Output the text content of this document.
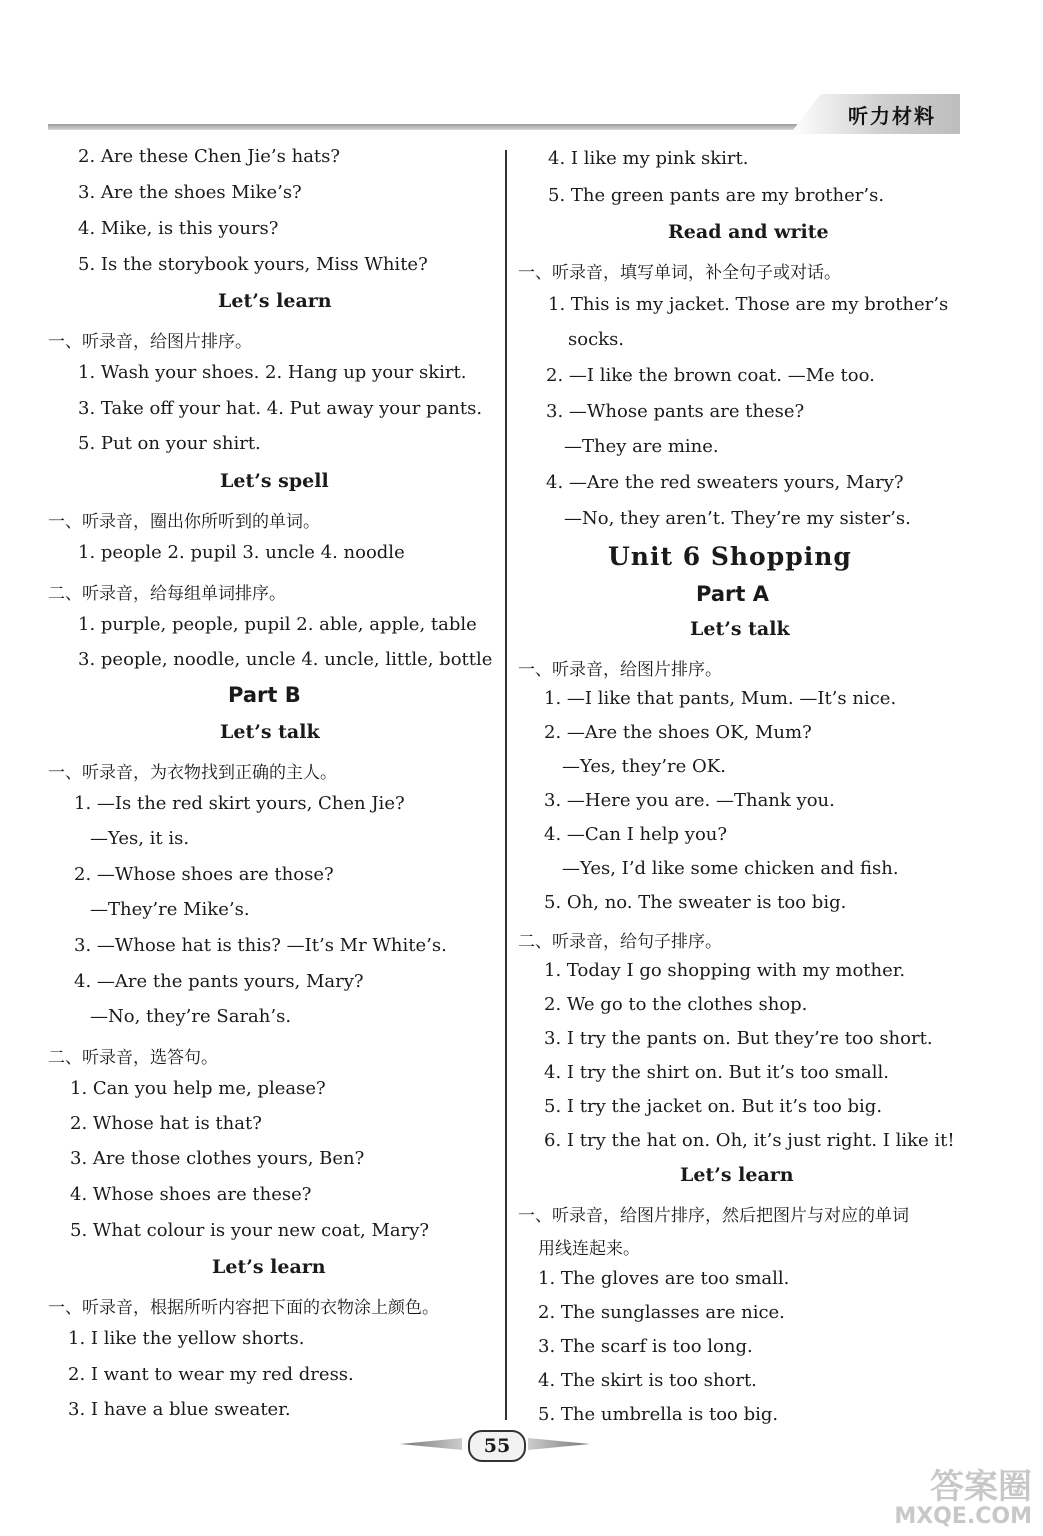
听力材料
2. Are these Chen Jie’s hats?
3. Are the shoes Mike’s?
4. Mike, is this yours?
5. Is the storybook yours, Miss White?
Let’s learn
一、听录音，给图片排序。
1. Wash your shoes. 2. Hang up your skirt.
3. Take off your hat. 4. Put away your pants.
5. Put on your shirt.
Let’s spell
一、听录音，圈出你所听到的单词。
1. people 2. pupil 3. uncle 4. noodle
二、听录音，给每组单词排序。
1. purple, people, pupil 2. able, apple, table
3. people, noodle, uncle 4. uncle, little, bottle
Part B
Let’s talk
一、听录音，为衣物找到正确的主人。
1. —Is the red skirt yours, Chen Jie?
—Yes, it is.
2. —Whose shoes are those?
—They’re Mike’s.
3. —Whose hat is this? —It’s Mr White’s.
4. —Are the pants yours, Mary?
—No, they’re Sarah’s.
二、听录音，选答句。
1. Can you help me, please?
2. Whose hat is that?
3. Are those clothes yours, Ben?
4. Whose shoes are these?
5. What colour is your new coat, Mary?
Let’s learn
一、听录音，根据所听内容把下面的衣物涂上颜色。
1. I like the yellow shorts.
2. I want to wear my red dress.
3. I have a blue sweater.
4. I like my pink skirt.
5. The green pants are my brother’s.
Read and write
一、听录音，填写单词，补全句子或对话。
1. This is my jacket. Those are my brother’s
socks.
2. —I like the brown coat. —Me too.
3. —Whose pants are these?
—They are mine.
4. —Are the red sweaters yours, Mary?
—No, they aren’t. They’re my sister’s.
Unit 6 Shopping
Part A
Let’s talk
一、听录音，给图片排序。
1. —I like that pants, Mum. —It’s nice.
2. —Are the shoes OK, Mum?
—Yes, they’re OK.
3. —Here you are. —Thank you.
4. —Can I help you?
—Yes, I’d like some chicken and fish.
5. Oh, no. The sweater is too big.
二、听录音，给句子排序。
1. Today I go shopping with my mother.
2. We go to the clothes shop.
3. I try the pants on. But they’re too short.
4. I try the shirt on. But it’s too small.
5. I try the jacket on. But it’s too big.
6. I try the hat on. Oh, it’s just right. I like it!
Let’s learn
一、听录音，给图片排序，然后把图片与对应的单词
用线连起来。
1. The gloves are too small.
2. The sunglasses are nice.
3. The scarf is too long.
4. The skirt is too short.
5. The umbrella is too big.
55
答案圈
MXQE.COM
